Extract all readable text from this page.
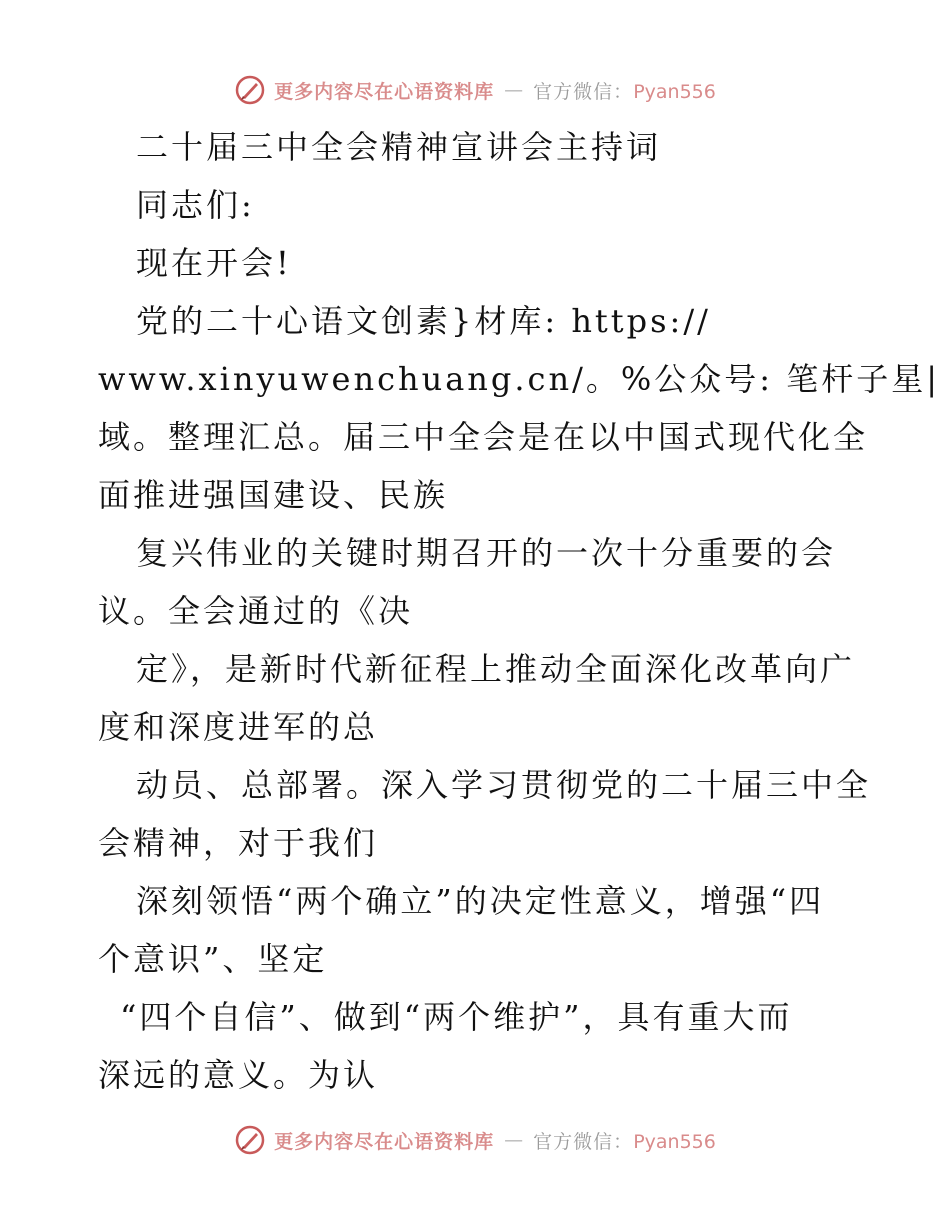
更多内容尽在心语资料库 — 官方微信：Pyan556
二十届三中全会精神宣讲会主持词
同志们:
现在开会!
党的二十心语文创素}材库: https://
www.xinyuwenchuang.cn/。%公众号: 笔杆子星|
域。整理汇总。届三中全会是在以中国式现代化全
面推进强国建设、民族
复兴伟业的关键时期召开的一次十分重要的会
议。全会通过的《决
定》，是新时代新征程上推动全面深化改革向广
度和深度进军的总
动员、总部署。深入学习贯彻党的二十届三中全
会精神，对于我们
深刻领悟“两个确立”的决定性意义，增强“四
个意识”、坚定
“四个自信”、做到“两个维护”，具有重大而
深远的意义。为认
更多内容尽在心语资料库 — 官方微信：Pyan556
